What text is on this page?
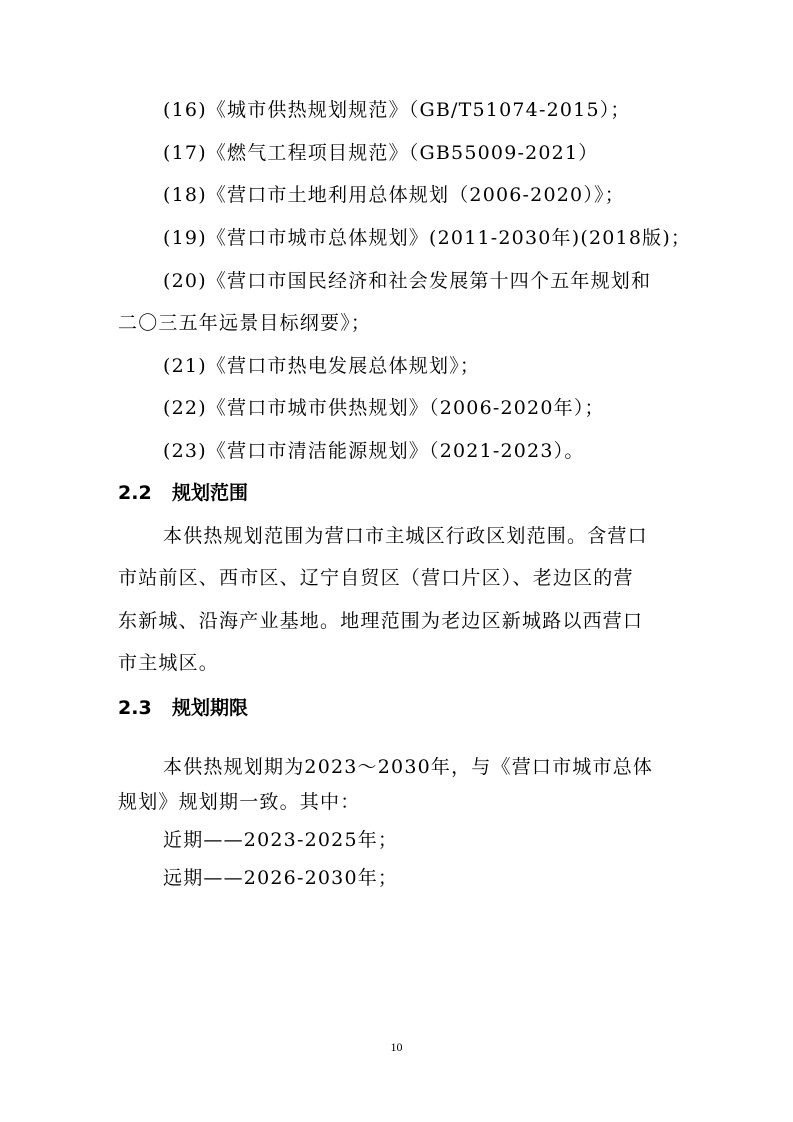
(16)《城市供热规划规范》（GB/T51074-2015）；
(17)《燃气工程项目规范》（GB55009-2021）
(18)《营口市土地利用总体规划（2006-2020）》；
(19)《营口市城市总体规划》(2011-2030年)(2018版)；
(20)《营口市国民经济和社会发展第十四个五年规划和
二〇三五年远景目标纲要》；
(21)《营口市热电发展总体规划》；
(22)《营口市城市供热规划》（2006-2020年）；
(23)《营口市清洁能源规划》（2021-2023）。
2.2 规划范围
本供热规划范围为营口市主城区行政区划范围。含营口
市站前区、西市区、辽宁自贸区（营口片区）、老边区的营
东新城、沿海产业基地。地理范围为老边区新城路以西营口
市主城区。
2.3 规划期限
本供热规划期为2023～2030年，与《营口市城市总体
规划》规划期一致。其中：
近期——2023-2025年；
远期——2026-2030年；
10
